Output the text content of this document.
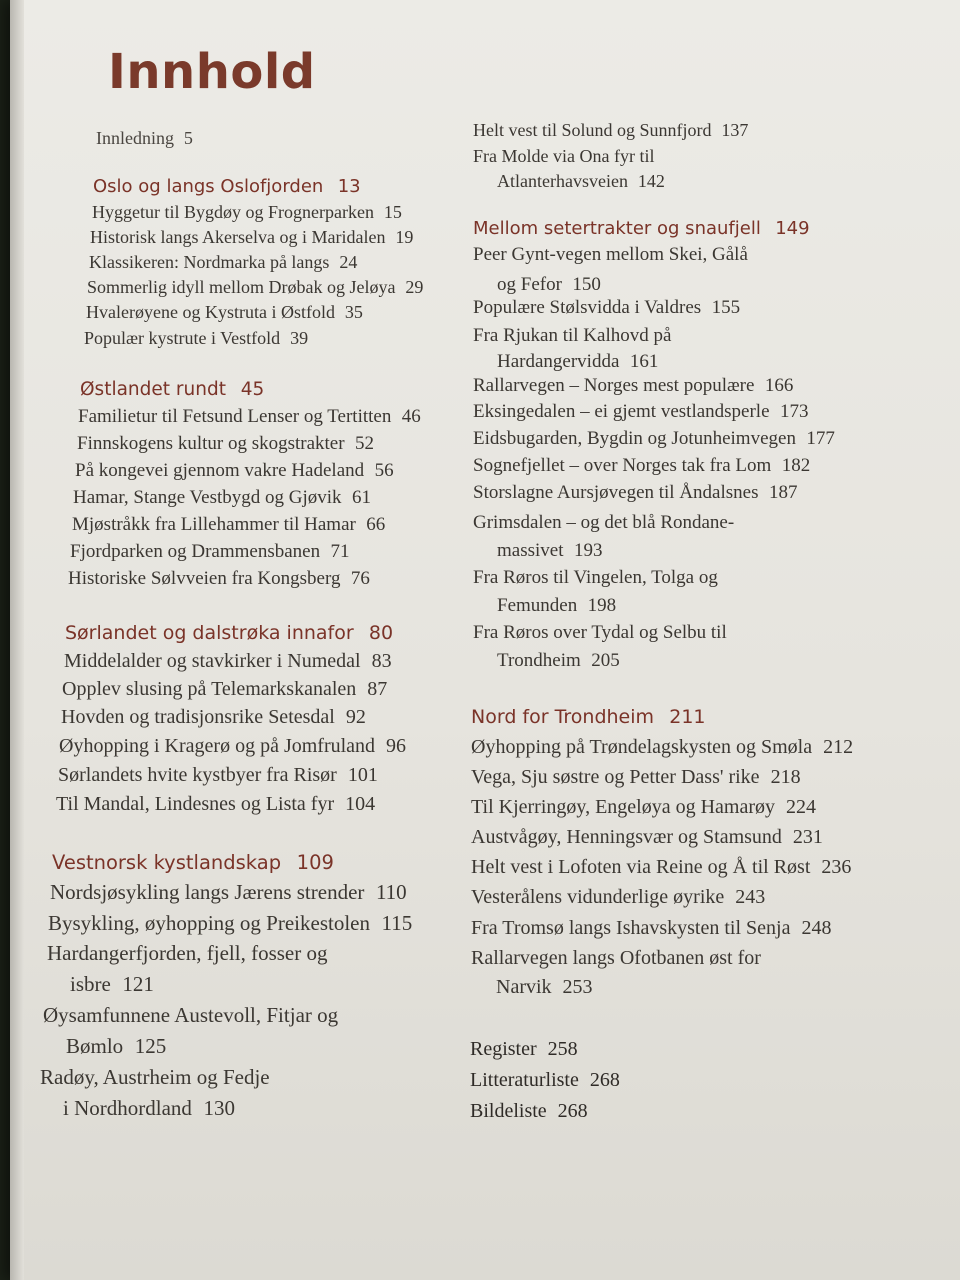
Innhold
Innledning 5
Oslo og langs Oslofjorden 13
Hyggetur til Bygdøy og Frognerparken 15
Historisk langs Akerselva og i Maridalen 19
Klassikeren: Nordmarka på langs 24
Sommerlig idyll mellom Drøbak og Jeløya 29
Hvalerøyene og Kystruta i Østfold 35
Populær kystrute i Vestfold 39
Østlandet rundt 45
Familietur til Fetsund Lenser og Tertitten 46
Finnskogens kultur og skogstrakter 52
På kongevei gjennom vakre Hadeland 56
Hamar, Stange Vestbygd og Gjøvik 61
Mjøstråkk fra Lillehammer til Hamar 66
Fjordparken og Drammensbanen 71
Historiske Sølvveien fra Kongsberg 76
Sørlandet og dalstrøka innafor 80
Middelalder og stavkirker i Numedal 83
Opplev slusing på Telemarkskanalen 87
Hovden og tradisjonsrike Setesdal 92
Øyhopping i Kragerø og på Jomfruland 96
Sørlandets hvite kystbyer fra Risør 101
Til Mandal, Lindesnes og Lista fyr 104
Vestnorsk kystlandskap 109
Nordsjøsykling langs Jærens strender 110
Bysykling, øyhopping og Preikestolen 115
Hardangerfjorden, fjell, fosser og
isbre 121
Øysamfunnene Austevoll, Fitjar og
Bømlo 125
Radøy, Austrheim og Fedje
i Nordhordland 130
Helt vest til Solund og Sunnfjord 137
Fra Molde via Ona fyr til
Atlanterhavsveien 142
Mellom setertrakter og snaufjell 149
Peer Gynt-vegen mellom Skei, Gålå
og Fefor 150
Populære Stølsvidda i Valdres 155
Fra Rjukan til Kalhovd på
Hardangervidda 161
Rallarvegen – Norges mest populære 166
Eksingedalen – ei gjemt vestlandsperle 173
Eidsbugarden, Bygdin og Jotunheimvegen 177
Sognefjellet – over Norges tak fra Lom 182
Storslagne Aursjøvegen til Åndalsnes 187
Grimsdalen – og det blå Rondane-
massivet 193
Fra Røros til Vingelen, Tolga og
Femunden 198
Fra Røros over Tydal og Selbu til
Trondheim 205
Nord for Trondheim 211
Øyhopping på Trøndelagskysten og Smøla 212
Vega, Sju søstre og Petter Dass' rike 218
Til Kjerringøy, Engeløya og Hamarøy 224
Austvågøy, Henningsvær og Stamsund 231
Helt vest i Lofoten via Reine og Å til Røst 236
Vesterålens vidunderlige øyrike 243
Fra Tromsø langs Ishavskysten til Senja 248
Rallarvegen langs Ofotbanen øst for
Narvik 253
Register 258
Litteraturliste 268
Bildeliste 268
